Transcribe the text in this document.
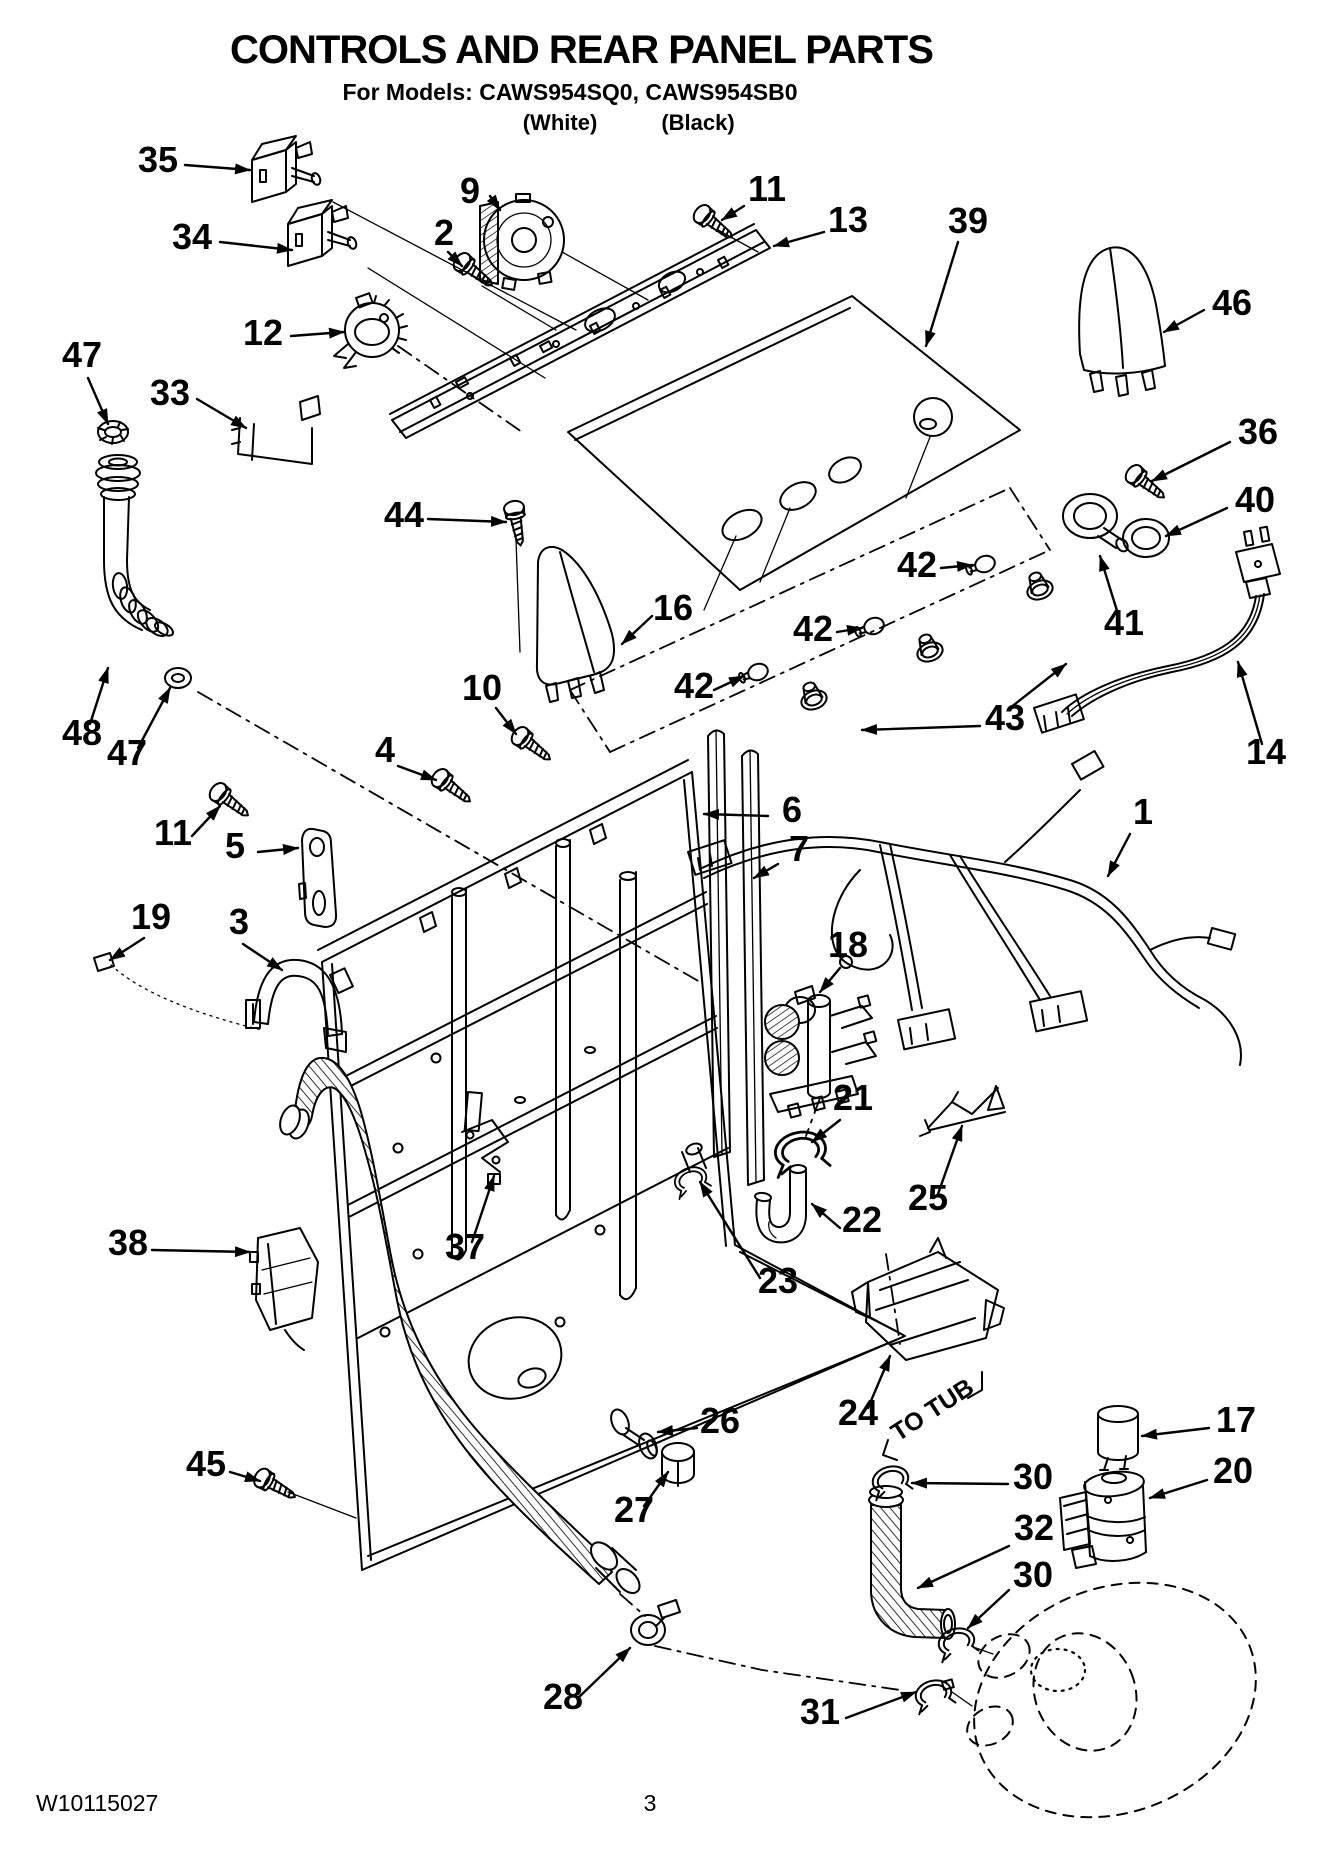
CONTROLS AND REAR PANEL PARTS
For Models: CAWS954SQ0, CAWS954SB0
(White)	(Black)
TO TUB
35
34
12
47
33
9
2
11
13 39
46
36
40
41
42
42
42
43
44
16
10
4
11 5
19 3
6
7
48 47
18
1
14
21
22
23
25
24
26
27
37
38
45
17
20
30
32
30
31
28
W10115027	3
